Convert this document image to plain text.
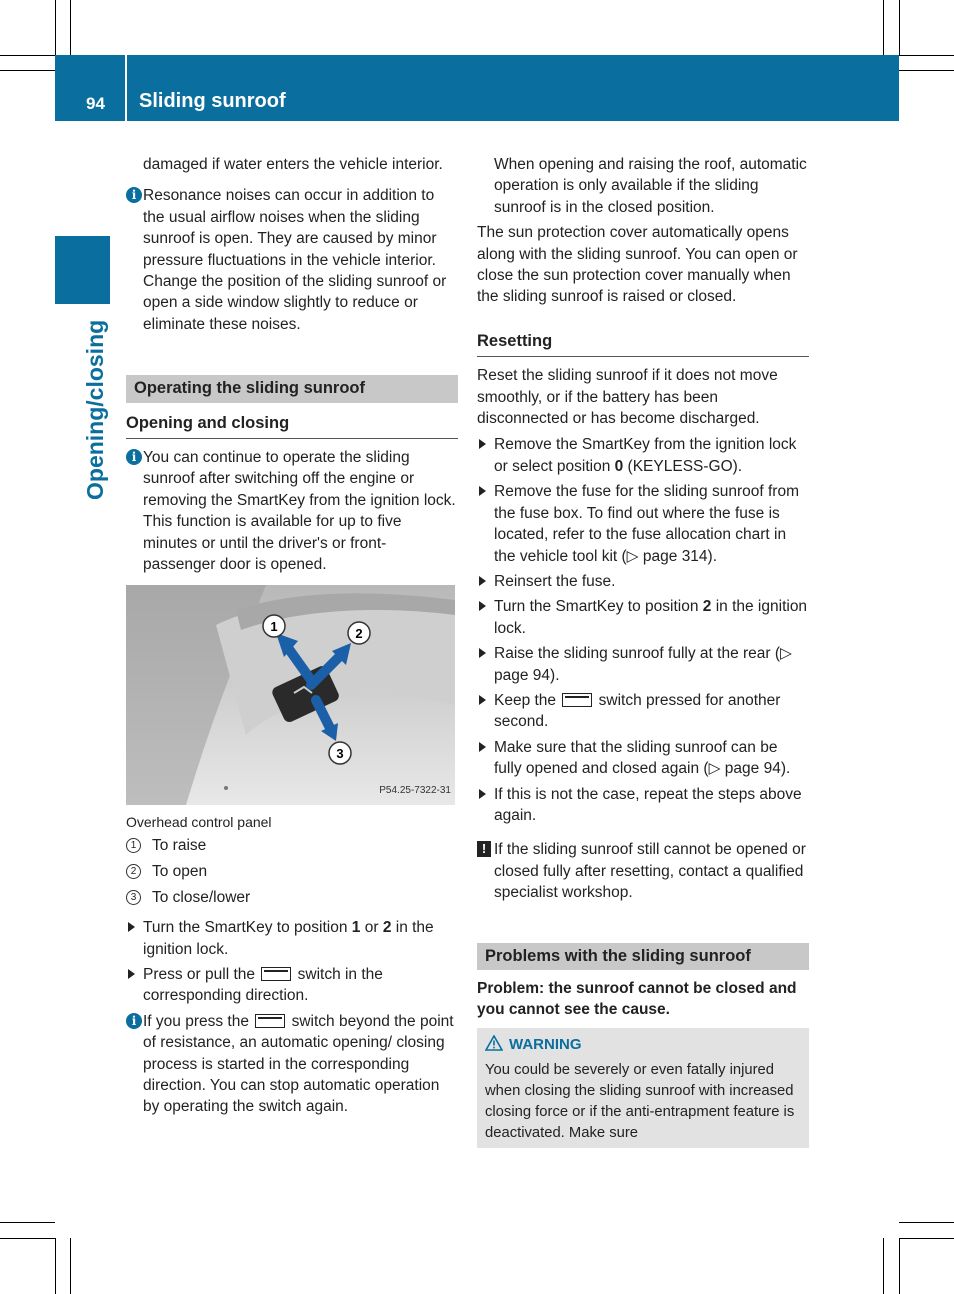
94 Sliding sunroof
Opening/closing

damaged if water enters the vehicle interior.

i Resonance noises can occur in addition to the usual airflow noises when the sliding sunroof is open. They are caused by minor pressure fluctuations in the vehicle interior. Change the position of the sliding sunroof or open a side window slightly to reduce or eliminate these noises.
Operating the sliding sunroof
Opening and closing
i You can continue to operate the sliding sunroof after switching off the engine or removing the SmartKey from the ignition lock. This function is available for up to five minutes or until the driver's or front-passenger door is opened.
1	2
3
P54.25-7322-31

Overhead control panel

1	To raise
2	To open
3	To close/lower
Turn the SmartKey to position 1 or 2 in the ignition lock.
Press or pull the  switch in the corresponding direction.
i If you press the  switch beyond the point of resistance, an automatic opening/ closing process is started in the corresponding direction. You can stop automatic operation by operating the switch again.

When opening and raising the roof, automatic operation is only available if the sliding sunroof is in the closed position.

The sun protection cover automatically opens along with the sliding sunroof. You can open or close the sun protection cover manually when the sliding sunroof is raised or closed.

Resetting

Reset the sliding sunroof if it does not move smoothly, or if the battery has been disconnected or has become discharged.

Remove the SmartKey from the ignition lock or select position 0 (KEYLESS-GO).
Remove the fuse for the sliding sunroof from the fuse box. To find out where the fuse is located, refer to the fuse allocation chart in the vehicle tool kit (▷ page 314).
Reinsert the fuse.
Turn the SmartKey to position 2 in the ignition lock.
Raise the sliding sunroof fully at the rear (▷ page 94).
Keep the  switch pressed for another second.
Make sure that the sliding sunroof can be fully opened and closed again (▷ page 94).
If this is not the case, repeat the steps above again.
! If the sliding sunroof still cannot be opened or closed fully after resetting, contact a qualified specialist workshop.
Problems with the sliding sunroof

Problem: the sunroof cannot be closed and you cannot see the cause.

WARNING

You could be severely or even fatally injured when closing the sliding sunroof with increased closing force or if the anti-entrapment feature is deactivated. Make sure
